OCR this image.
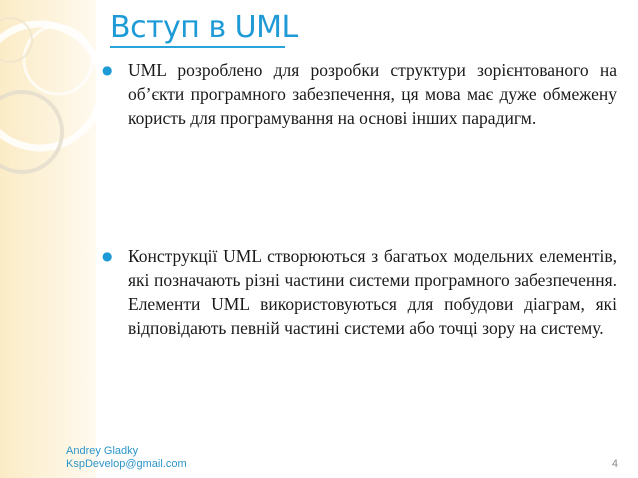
Вступ в UML
● UML розроблено для розробки структури зорієнтованого на об’єкти програмного забезпечення, ця мова має дуже обмежену користь для програмування на основі інших парадигм.
● Конструкції UML створюються з багатьох модельних елементів, які позначають різні частини системи програмного забезпечення. Елементи UML використовуються для побудови діаграм, які відповідають певній частині системи або точці зору на систему.
Andrey Gladky
KspDevelop@gmail.com	4
